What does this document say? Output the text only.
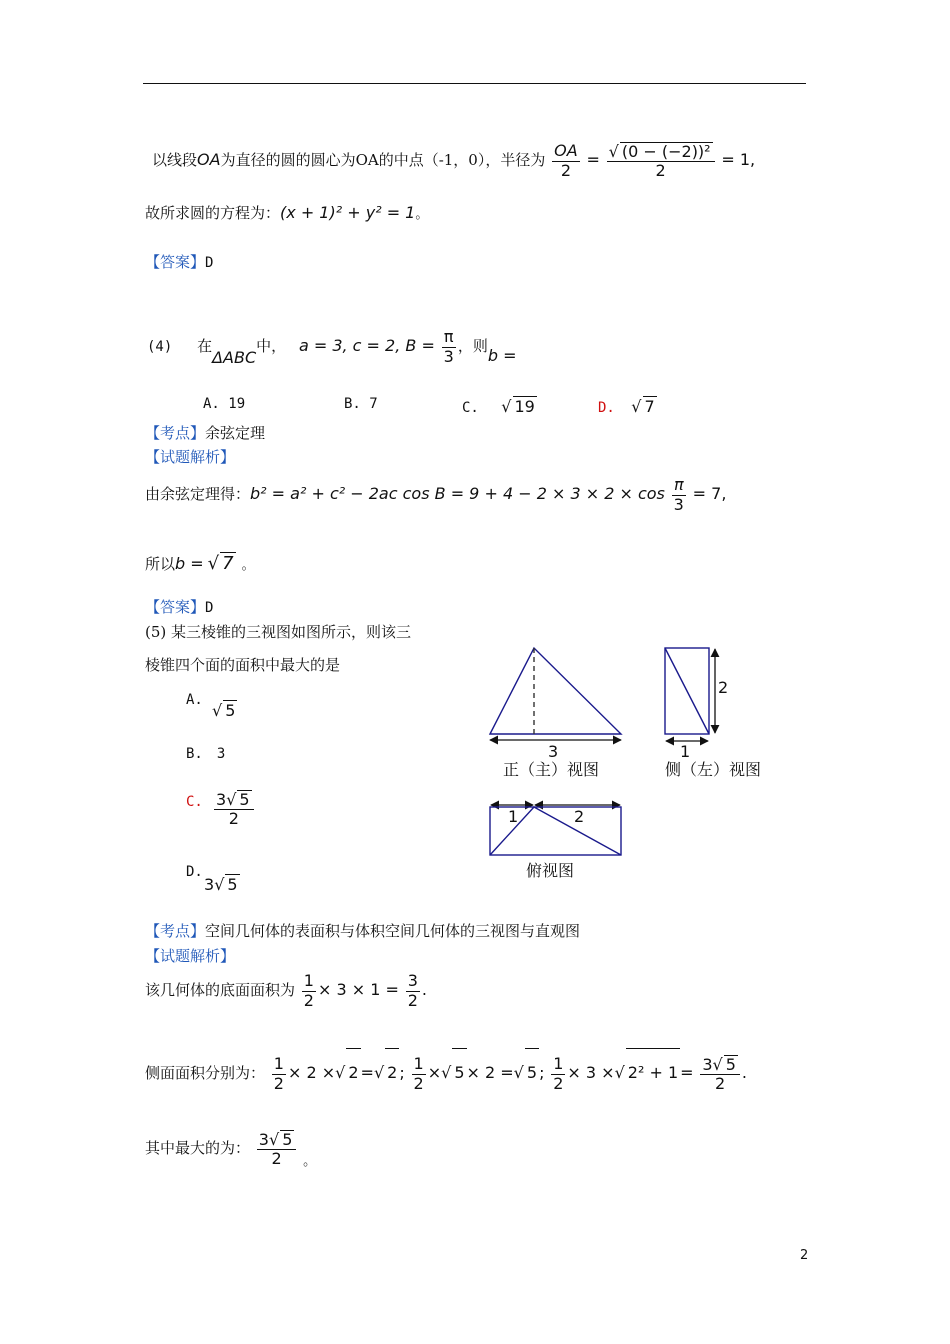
以线段OA为直径的圆的圆心为OA的中点（-1，0），半径为 $\frac{OA}{2} = \frac{\text{√ (0 − (−2))²}}{2} = 1$,
故所求圆的方程为：(x + 1)² + y² = 1。
【答案】D
(4) 在ΔABC中， a = 3, c = 2, $B = \frac{\pi}{3}$ ，则b =
A. 19	B. 7	C. √ 19	D. √ 7
【考点】余弦定理
【试题解析】
由余弦定理得：b² = a² + c² − 2ac $\cos B = 9 + 4 - 2 \times 3 \times 2 \times \cos \frac{\pi}{3} = 7$,
所以b = √ 7 。
【答案】D
(5) 某三棱锥的三视图如图所示，则该三
棱锥四个面的面积中最大的是
A.
√ 5
B. 3
C. $\frac{3√ 5}{2}$
D.
3√ 5
3
正（主）视图
2
1
侧（左）视图
1	2
俯视图
【考点】空间几何体的表面积与体积空间几何体的三视图与直观图
【试题解析】
该几何体的底面面积为 $\frac{1}{2} \times 3 \times 1 = \frac{3}{2}$ .
侧面面积分别为： $\frac{1}{2} \times 2$ ×√ 2 =√ 2 ; $\frac{1}{2}$ ×√ 5 × 2 =√ 5 ; $\frac{1}{2} \times 3$ ×√ $2^2 + 1 = \frac{3√ 5}{2}$ .
其中最大的为： $\frac{3√ 5}{2}$ 。
2
